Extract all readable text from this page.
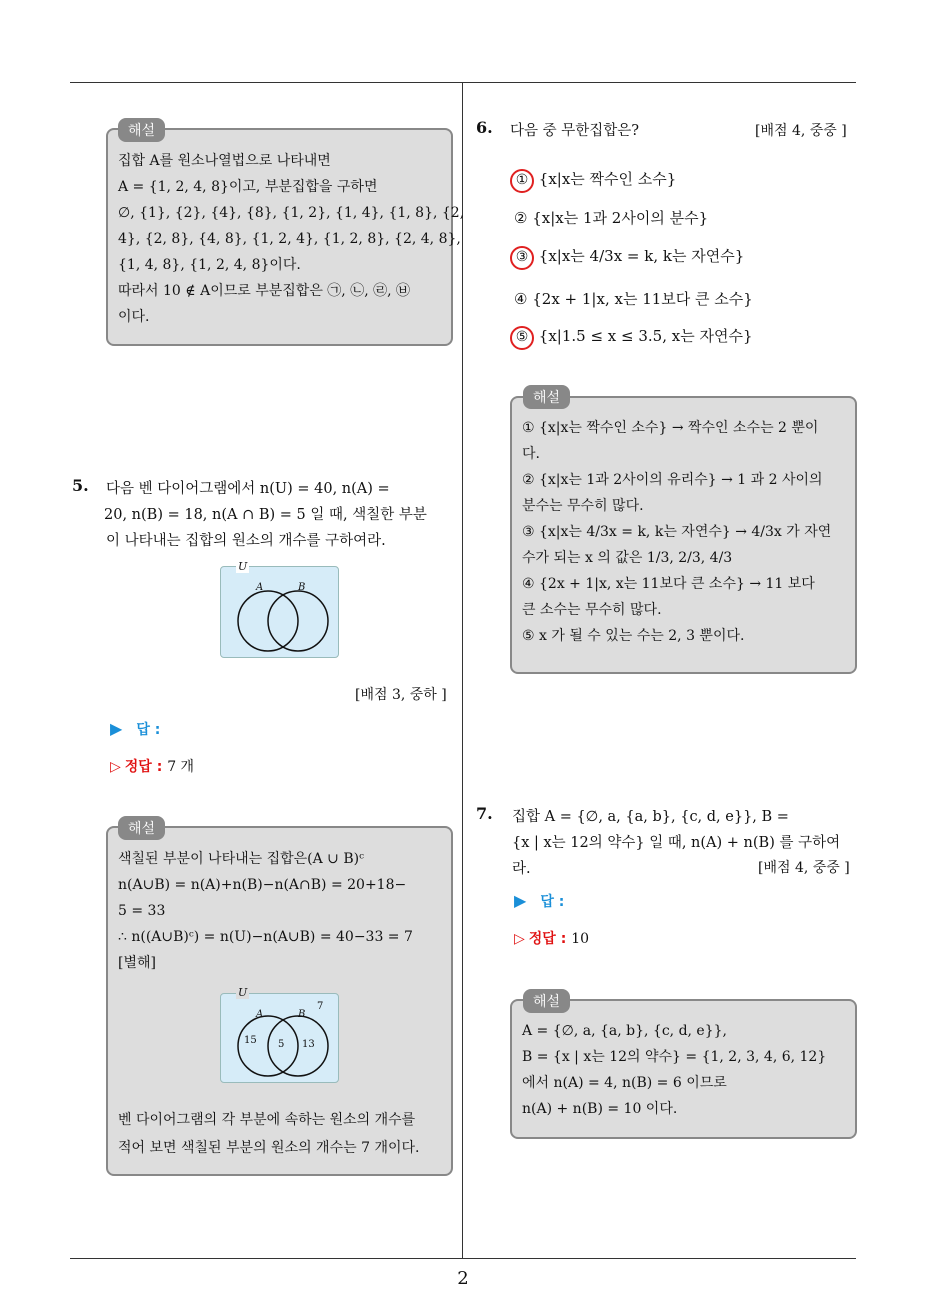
2
해설
집합 A를 원소나열법으로 나타내면
A = {1, 2, 4, 8}이고, 부분집합을 구하면
∅, {1}, {2}, {4}, {8}, {1, 2}, {1, 4}, {1, 8}, {2,
4}, {2, 8}, {4, 8}, {1, 2, 4}, {1, 2, 8}, {2, 4, 8},
{1, 4, 8}, {1, 2, 4, 8}이다.
따라서 10 ∉ A이므로 부분집합은 ㉠, ㉡, ㉣, ㉥
이다.
5. 다음 벤 다이어그램에서 n(U) = 40, n(A) =
20, n(B) = 18, n(A ∩ B) = 5 일 때, 색칠한 부분
이 나타내는 집합의 원소의 개수를 구하여라.
U
A	B
[배점 3, 중하 ]
▶ 답 :
▷ 정답 : 7 개
해설
색칠된 부분이 나타내는 집합은(A ∪ B)ᶜ
n(A∪B) = n(A)+n(B)−n(A∩B) = 20+18−
5 = 33
∴ n((A∪B)ᶜ) = n(U)−n(A∪B) = 40−33 = 7
[별해]
U
A	B
7
15 5 13
벤 다이어그램의 각 부분에 속하는 원소의 개수를
적어 보면 색칠된 부분의 원소의 개수는 7 개이다.
6. 다음 중 무한집합은?	[배점 4, 중중 ]
① {x|x는 짝수인 소수}
② {x|x는 1과 2사이의 분수}
③ {x|x는 4/3x = k, k는 자연수}
④ {2x + 1|x, x는 11보다 큰 소수}
⑤ {x|1.5 ≤ x ≤ 3.5, x는 자연수}
해설
① {x|x는 짝수인 소수} → 짝수인 소수는 2 뿐이
다.
② {x|x는 1과 2사이의 유리수} → 1 과 2 사이의
분수는 무수히 많다.
③ {x|x는 4/3x = k, k는 자연수} → 4/3x 가 자연
수가 되는 x 의 값은 1/3, 2/3, 4/3
④ {2x + 1|x, x는 11보다 큰 소수} → 11 보다
큰 소수는 무수히 많다.
⑤ x 가 될 수 있는 수는 2, 3 뿐이다.
7. 집합 A = {∅, a, {a, b}, {c, d, e}}, B =
{x | x는 12의 약수} 일 때, n(A) + n(B) 를 구하여
라.	[배점 4, 중중 ]
▶ 답 :
▷ 정답 : 10
해설
A = {∅, a, {a, b}, {c, d, e}},
B = {x | x는 12의 약수} = {1, 2, 3, 4, 6, 12}
에서 n(A) = 4, n(B) = 6 이므로
n(A) + n(B) = 10 이다.
